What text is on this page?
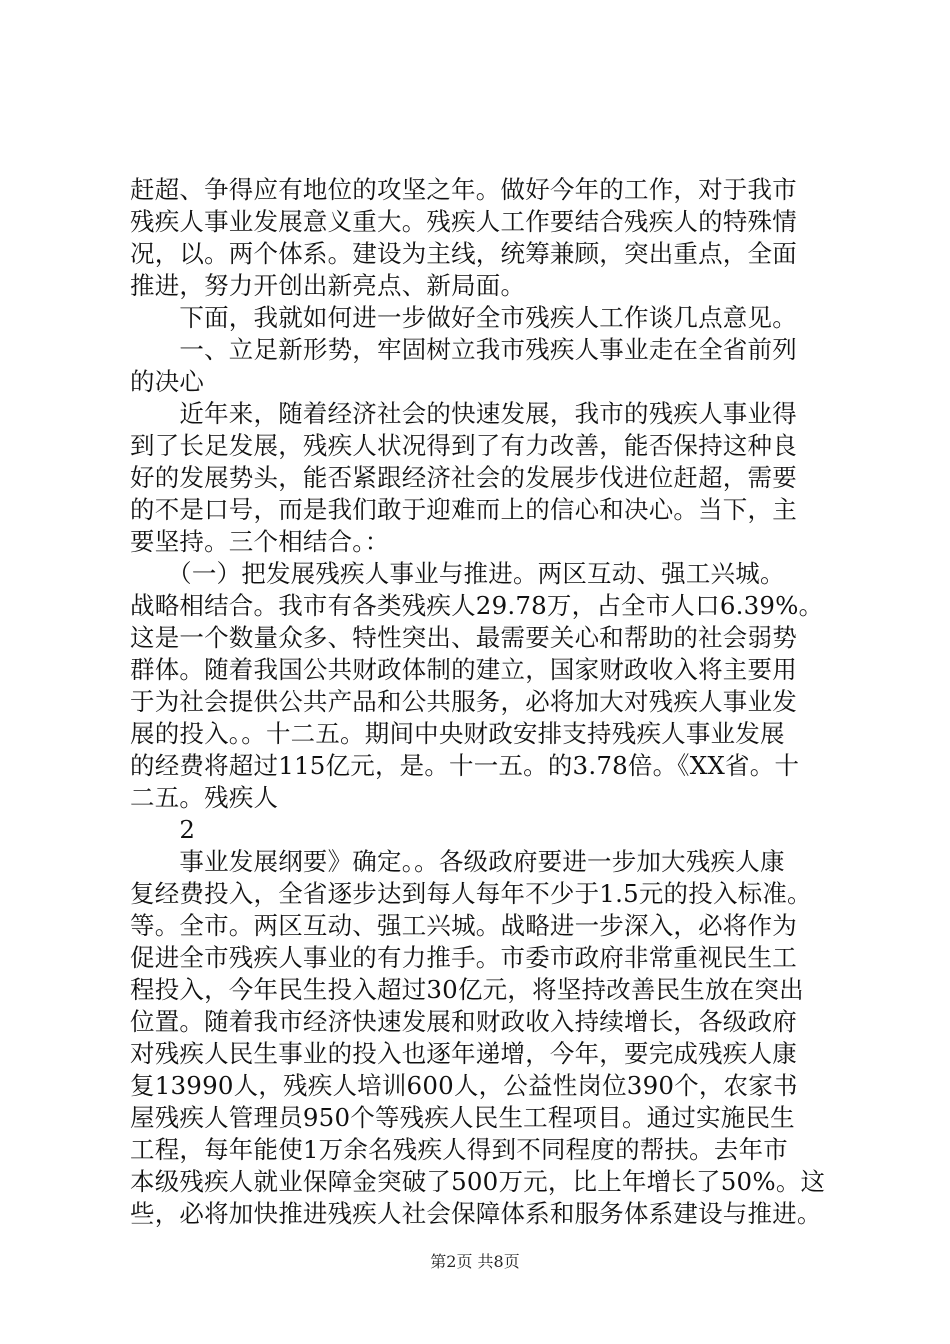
赶超、争得应有地位的攻坚之年。做好今年的工作，对于我市
残疾人事业发展意义重大。残疾人工作要结合残疾人的特殊情
况，以。两个体系。建设为主线，统筹兼顾，突出重点，全面
推进，努力开创出新亮点、新局面。
　　下面，我就如何进一步做好全市残疾人工作谈几点意见。
　　一、立足新形势，牢固树立我市残疾人事业走在全省前列
的决心
　　近年来，随着经济社会的快速发展，我市的残疾人事业得
到了长足发展，残疾人状况得到了有力改善，能否保持这种良
好的发展势头，能否紧跟经济社会的发展步伐进位赶超，需要
的不是口号，而是我们敢于迎难而上的信心和决心。当下，主
要坚持。三个相结合。：
　　（一）把发展残疾人事业与推进。两区互动、强工兴城。
战略相结合。我市有各类残疾人29.78万，占全市人口6.39%。
这是一个数量众多、特性突出、最需要关心和帮助的社会弱势
群体。随着我国公共财政体制的建立，国家财政收入将主要用
于为社会提供公共产品和公共服务，必将加大对残疾人事业发
展的投入。。十二五。期间中央财政安排支持残疾人事业发展
的经费将超过115亿元，是。十一五。的3.78倍。《XX省。十
二五。残疾人
　　2
　　事业发展纲要》确定。。各级政府要进一步加大残疾人康
复经费投入，全省逐步达到每人每年不少于1.5元的投入标准。
等。全市。两区互动、强工兴城。战略进一步深入，必将作为
促进全市残疾人事业的有力推手。市委市政府非常重视民生工
程投入，今年民生投入超过30亿元，将坚持改善民生放在突出
位置。随着我市经济快速发展和财政收入持续增长，各级政府
对残疾人民生事业的投入也逐年递增，今年，要完成残疾人康
复13990人，残疾人培训600人，公益性岗位390个，农家书
屋残疾人管理员950个等残疾人民生工程项目。通过实施民生
工程，每年能使1万余名残疾人得到不同程度的帮扶。去年市
本级残疾人就业保障金突破了500万元，比上年增长了50%。这
些，必将加快推进残疾人社会保障体系和服务体系建设与推进。
第2页 共8页
